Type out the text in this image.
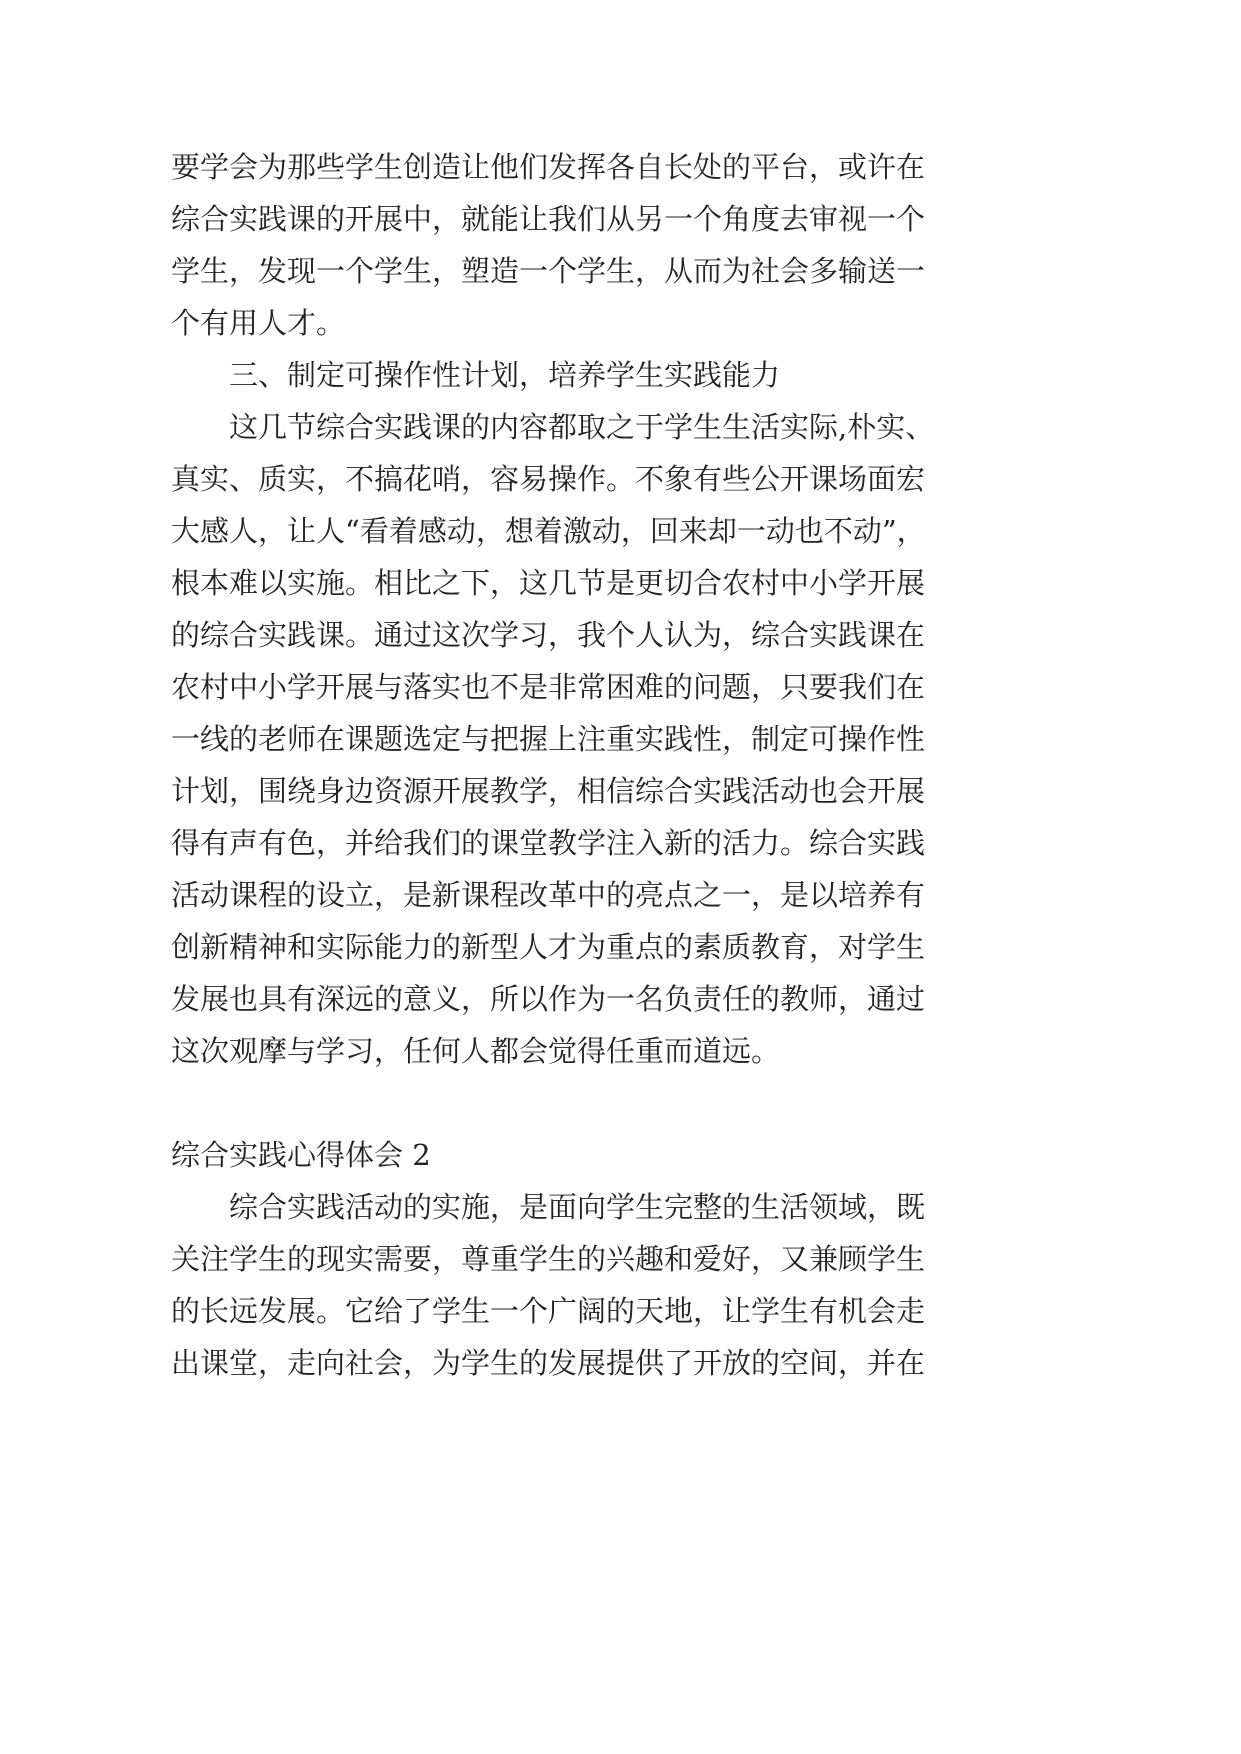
要学会为那些学生创造让他们发挥各自长处的平台，或许在
综合实践课的开展中，就能让我们从另一个角度去审视一个
学生，发现一个学生，塑造一个学生，从而为社会多输送一
个有用人才。
三、制定可操作性计划，培养学生实践能力
这几节综合实践课的内容都取之于学生生活实际,朴实、
真实、质实，不搞花哨，容易操作。不象有些公开课场面宏
大感人，让人“看着感动，想着激动，回来却一动也不动”，
根本难以实施。相比之下，这几节是更切合农村中小学开展
的综合实践课。通过这次学习，我个人认为，综合实践课在
农村中小学开展与落实也不是非常困难的问题，只要我们在
一线的老师在课题选定与把握上注重实践性，制定可操作性
计划，围绕身边资源开展教学，相信综合实践活动也会开展
得有声有色，并给我们的课堂教学注入新的活力。综合实践
活动课程的设立，是新课程改革中的亮点之一，是以培养有
创新精神和实际能力的新型人才为重点的素质教育，对学生
发展也具有深远的意义，所以作为一名负责任的教师，通过
这次观摩与学习，任何人都会觉得任重而道远。
综合实践心得体会 2
综合实践活动的实施，是面向学生完整的生活领域，既
关注学生的现实需要，尊重学生的兴趣和爱好，又兼顾学生
的长远发展。它给了学生一个广阔的天地，让学生有机会走
出课堂，走向社会，为学生的发展提供了开放的空间，并在
